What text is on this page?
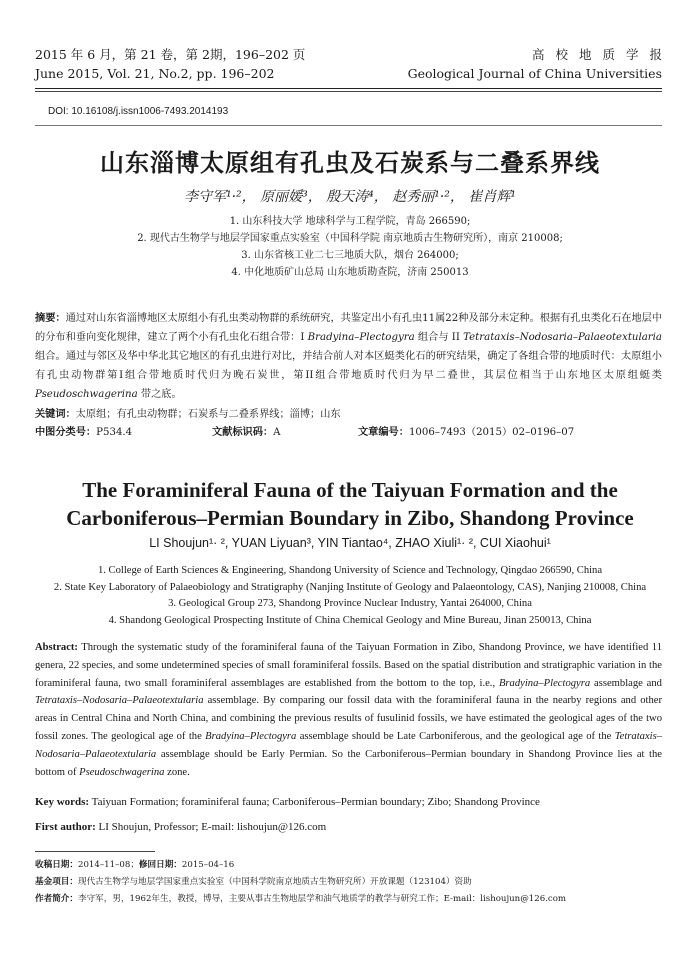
2015 年 6 月，第 21 卷，第 2期，196–202 页
June 2015, Vol. 21, No.2, pp. 196–202
高校地质学报
Geological Journal of China Universities
DOI: 10.16108/j.issn1006-7493.2014193
山东淄博太原组有孔虫及石炭系与二叠系界线
李守军¹·²， 原丽媛³， 殷天涛⁴， 赵秀丽¹·²， 崔肖辉¹
1. 山东科技大学 地球科学与工程学院，青岛 266590;
2. 现代古生物学与地层学国家重点实验室（中国科学院 南京地质古生物研究所），南京 210008;
3. 山东省核工业二七三地质大队，烟台 264000;
4. 中化地质矿山总局 山东地质勘查院，济南 250013
摘要：通过对山东省淄博地区太原组小有孔虫类动物群的系统研究，共鉴定出小有孔虫11属22种及部分未定种。根据有孔虫类化石在地层中的分布和垂向变化规律，建立了两个小有孔虫化石组合带：I Bradyina–Plectogyra 组合与 II Tetrataxis–Nodosaria–Palaeotextularia 组合。通过与邻区及华中华北其它地区的有孔虫进行对比，并结合前人对本区蜓类化石的研究结果，确定了各组合带的地质时代：太原组小有孔虫动物群第I组合带地质时代归为晚石炭世，第II组合带地质时代归为早二叠世，其层位相当于山东地区太原组蜓类 Pseudoschwagerina 带之底。
关键词：太原组；有孔虫动物群；石炭系与二叠系界线；淄博；山东
中图分类号：P534.4	文献标识码：A	文章编号：1006–7493（2015）02–0196–07
The Foraminiferal Fauna of the Taiyuan Formation and the
Carboniferous–Permian Boundary in Zibo, Shandong Province
LI Shoujun¹· ², YUAN Liyuan³, YIN Tiantao⁴, ZHAO Xiuli¹· ², CUI Xiaohui¹
1. College of Earth Sciences & Engineering, Shandong University of Science and Technology, Qingdao 266590, China
2. State Key Laboratory of Palaeobiology and Stratigraphy (Nanjing Institute of Geology and Palaeontology, CAS), Nanjing 210008, China
3. Geological Group 273, Shandong Province Nuclear Industry, Yantai 264000, China
4. Shandong Geological Prospecting Institute of China Chemical Geology and Mine Bureau, Jinan 250013, China
Abstract: Through the systematic study of the foraminiferal fauna of the Taiyuan Formation in Zibo, Shandong Province, we have identified 11 genera, 22 species, and some undetermined species of small foraminiferal fossils. Based on the spatial distribution and stratigraphic variation in the foraminiferal fauna, two small foraminiferal assemblages are established from the bottom to the top, i.e., Bradyina–Plectogyra assemblage and Tetrataxis–Nodosaria–Palaeotextularia assemblage. By comparing our fossil data with the foraminiferal fauna in the nearby regions and other areas in Central China and North China, and combining the previous results of fusulinid fossils, we have estimated the geological ages of the two fossil zones. The geological age of the Bradyina–Plectogyra assemblage should be Late Carboniferous, and the geological age of the Tetrataxis–Nodosaria–Palaeotextularia assemblage should be Early Permian. So the Carboniferous–Permian boundary in Shandong Province lies at the bottom of Pseudoschwagerina zone.
Key words: Taiyuan Formation; foraminiferal fauna; Carboniferous–Permian boundary; Zibo; Shandong Province
First author: LI Shoujun, Professor; E-mail: lishoujun@126.com
收稿日期：2014–11–08；修回日期：2015–04–16
基金项目：现代古生物学与地层学国家重点实验室（中国科学院南京地质古生物研究所）开放课题（123104）资助
作者简介：李守军，男，1962年生，教授，博导，主要从事古生物地层学和油气地质学的教学与研究工作；E-mail：lishoujun@126.com
